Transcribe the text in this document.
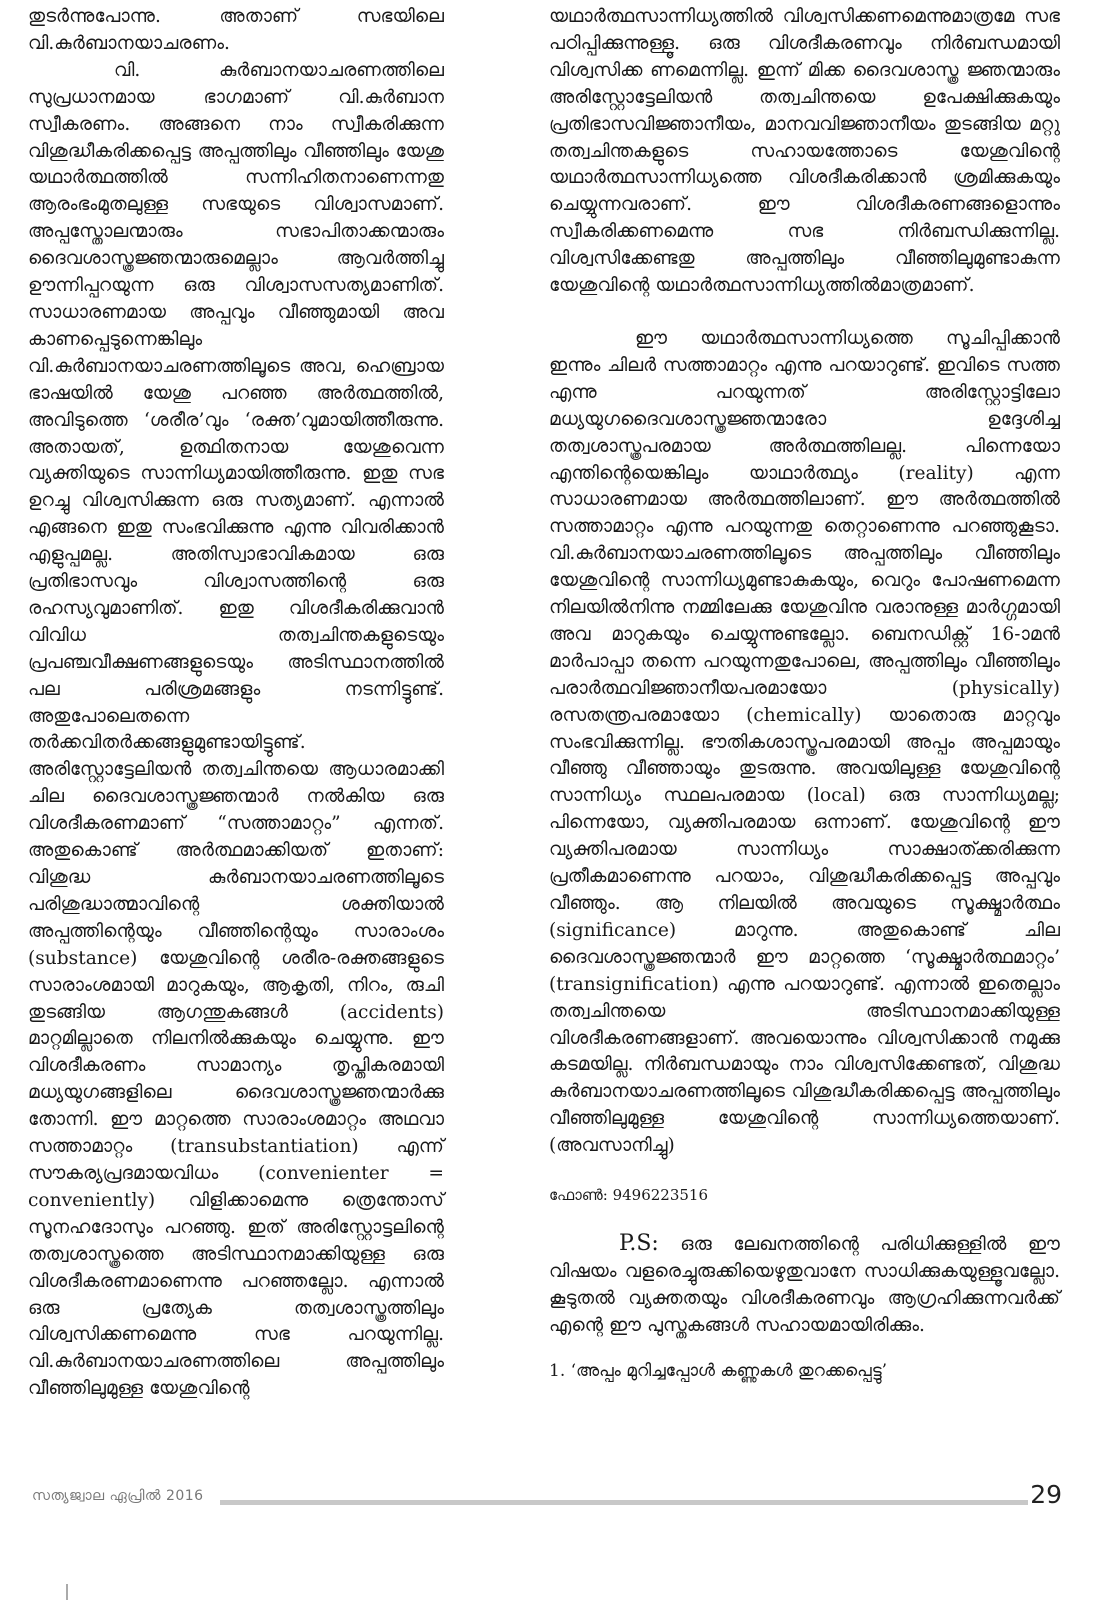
തുടർന്നുപോന്നു. അതാണ് സഭയിലെ വി.കുർബാനയാചരണം.

വി. കുർബാനയാചരണത്തിലെ സുപ്രധാനമായ ഭാഗമാണ് വി.കുർബാന സ്വീകരണം. അങ്ങനെ നാം സ്വീകരിക്കുന്ന വിശുദ്ധീകരിക്കപ്പെട്ട അപ്പത്തിലും വീഞ്ഞിലും യേശു യഥാർത്ഥത്തിൽ സന്നിഹിതനാണെന്നതു ആരംഭംമുതലുള്ള സഭയുടെ വിശ്വാസമാണ്. അപ്പസ്തോലന്മാരും സഭാപിതാക്കന്മാരും ദൈവശാസ്ത്രജ്ഞന്മാരുമെല്ലാം ആവർത്തിച്ചു ഊന്നിപ്പറയുന്ന ഒരു വിശ്വാസസത്യമാണിത്. സാധാരണമായ അപ്പവും വീഞ്ഞുമായി അവ കാണപ്പെടുന്നെങ്കിലും വി.കുർബാനയാചരണത്തിലൂടെ അവ, ഹെബ്രായ ഭാഷയിൽ യേശു പറഞ്ഞ അർത്ഥത്തിൽ, അവിടുത്തെ ‘ശരീര’വും ‘രക്ത’വുമായിത്തീരുന്നു. അതായത്, ഉത്ഥിതനായ യേശുവെന്ന വ്യക്തിയുടെ സാന്നിധ്യമായിത്തീരുന്നു. ഇതു സഭ ഉറച്ചു വിശ്വസിക്കുന്ന ഒരു സത്യമാണ്. എന്നാൽ എങ്ങനെ ഇതു സംഭവിക്കുന്നു എന്നു വിവരിക്കാൻ എളുപ്പമല്ല. അതിസ്വാഭാവികമായ ഒരു പ്രതിഭാസവും വിശ്വാസത്തിന്റെ ഒരു രഹസ്യവുമാണിത്. ഇതു വിശദീകരിക്കുവാൻ വിവിധ തത്വചിന്തകളുടെയും പ്രപഞ്ചവീക്ഷണങ്ങളുടെയും അടിസ്ഥാനത്തിൽ പല പരിശ്രമങ്ങളും നടന്നിട്ടുണ്ട്. അതുപോലെതന്നെ തർക്കവിതർക്കങ്ങളുമുണ്ടായിട്ടുണ്ട്. അരിസ്റ്റോട്ടേലിയൻ തത്വചിന്തയെ ആധാരമാക്കി ചില ദൈവശാസ്ത്രജ്ഞന്മാർ നൽകിയ ഒരു വിശദീകരണമാണ് “സത്താമാറ്റം” എന്നത്. അതുകൊണ്ട് അർത്ഥമാക്കിയത് ഇതാണ്: വിശുദ്ധ കുർബാനയാചരണത്തിലൂടെ പരിശുദ്ധാത്മാവിന്റെ ശക്തിയാൽ അപ്പത്തിന്റെയും വീഞ്ഞിന്റെയും സാരാംശം (substance) യേശുവിന്റെ ശരീര-രക്തങ്ങളുടെ സാരാംശമായി മാറുകയും, ആകൃതി, നിറം, രുചി തുടങ്ങിയ ആഗന്തുകങ്ങൾ (accidents) മാറ്റമില്ലാതെ നിലനിൽക്കുകയും ചെയ്യുന്നു. ഈ വിശദീകരണം സാമാന്യം തൃപ്തികരമായി മധ്യയുഗങ്ങളിലെ ദൈവശാസ്ത്രജ്ഞന്മാർക്കു തോന്നി. ഈ മാറ്റത്തെ സാരാംശമാറ്റം അഥവാ സത്താമാറ്റം (transubstantiation) എന്ന് സൗകര്യപ്രദമായവിധം (convenienter = conveniently) വിളിക്കാമെന്നു ത്രെന്തോസ് സൂനഹദോസും പറഞ്ഞു. ഇത് അരിസ്റ്റോട്ടലിന്റെ തത്വശാസ്ത്രത്തെ അടിസ്ഥാനമാക്കിയുള്ള ഒരു വിശദീകരണമാണെന്നു പറഞ്ഞല്ലോ. എന്നാൽ ഒരു പ്രത്യേക തത്വശാസ്ത്രത്തിലും വിശ്വസിക്കണമെന്നു സഭ പറയുന്നില്ല. വി.കുർബാനയാചരണത്തിലെ അപ്പത്തിലും വീഞ്ഞിലുമുള്ള യേശുവിന്റെ

യഥാർത്ഥസാന്നിധ്യത്തിൽ വിശ്വസിക്കണമെന്നുമാത്രമേ സഭ പഠിപ്പിക്കുന്നുള്ളൂ. ഒരു വിശദീകരണവും നിർബന്ധമായി വിശ്വസിക്ക ണമെന്നില്ല. ഇന്ന് മിക്ക ദൈവശാസ്ത്ര ജ്ഞന്മാരും അരിസ്റ്റോട്ടേലിയൻ തത്വചിന്തയെ ഉപേക്ഷിക്കുകയും പ്രതിഭാസവിജ്ഞാനീയം, മാനവവിജ്ഞാനീയം തുടങ്ങിയ മറ്റു തത്വചിന്തകളുടെ സഹായത്തോടെ യേശുവിന്റെ യഥാർത്ഥസാന്നിധ്യത്തെ വിശദീകരിക്കാൻ ശ്രമിക്കുകയും ചെയ്യുന്നവരാണ്. ഈ വിശദീകരണങ്ങളൊന്നും സ്വീകരിക്കണമെന്നു സഭ നിർബന്ധിക്കുന്നില്ല. വിശ്വസിക്കേണ്ടതു അപ്പത്തിലും വീഞ്ഞിലുമുണ്ടാകുന്ന യേശുവിന്റെ യഥാർത്ഥസാന്നിധ്യത്തിൽമാത്രമാണ്.

ഈ യഥാർത്ഥസാന്നിധ്യത്തെ സൂചിപ്പിക്കാൻ ഇന്നും ചിലർ സത്താമാറ്റം എന്നു പറയാറുണ്ട്. ഇവിടെ സത്ത എന്നു പറയുന്നത് അരിസ്റ്റോട്ടിലോ മധ്യയുഗദൈവശാസ്ത്രജ്ഞന്മാരോ ഉദ്ദേശിച്ച തത്വശാസ്ത്രപരമായ അർത്ഥത്തിലല്ല. പിന്നെയോ എന്തിന്റെയെങ്കിലും യാഥാർത്ഥ്യം (reality) എന്ന സാധാരണമായ അർത്ഥത്തിലാണ്. ഈ അർത്ഥത്തിൽ സത്താമാറ്റം എന്നു പറയുന്നതു തെറ്റാണെന്നു പറഞ്ഞുകൂടാ. വി.കുർബാനയാചരണത്തിലൂടെ അപ്പത്തിലും വീഞ്ഞിലും യേശുവിന്റെ സാന്നിധ്യമുണ്ടാകുകയും, വെറും പോഷണമെന്ന നിലയിൽനിന്നു നമ്മിലേക്കു യേശുവിനു വരാനുള്ള മാർഗ്ഗമായി അവ മാറുകയും ചെയ്യുന്നുണ്ടല്ലോ. ബെനഡിക്റ്റ് 16-ാമൻ മാർപാപ്പാ തന്നെ പറയുന്നതുപോലെ, അപ്പത്തിലും വീഞ്ഞിലും പരാർത്ഥവിജ്ഞാനീയപരമായോ (physically) രസതന്ത്രപരമായോ (chemically) യാതൊരു മാറ്റവും സംഭവിക്കുന്നില്ല. ഭൗതികശാസ്ത്രപരമായി അപ്പം അപ്പമായും വീഞ്ഞു വീഞ്ഞായും തുടരുന്നു. അവയിലുള്ള യേശുവിന്റെ സാന്നിധ്യം സ്ഥലപരമായ (local) ഒരു സാന്നിധ്യമല്ല; പിന്നെയോ, വ്യക്തിപരമായ ഒന്നാണ്. യേശുവിന്റെ ഈ വ്യക്തിപരമായ സാന്നിധ്യം സാക്ഷാത്ക്കരിക്കുന്ന പ്രതീകമാണെന്നു പറയാം, വിശുദ്ധീകരിക്കപ്പെട്ട അപ്പവും വീഞ്ഞും. ആ നിലയിൽ അവയുടെ സൂക്ഷ്മാർത്ഥം (significance) മാറുന്നു. അതുകൊണ്ട് ചില ദൈവശാസ്ത്രജ്ഞന്മാർ ഈ മാറ്റത്തെ ‘സൂക്ഷ്മാർത്ഥമാറ്റം’ (transignification) എന്നു പറയാറുണ്ട്. എന്നാൽ ഇതെല്ലാം തത്വചിന്തയെ അടിസ്ഥാനമാക്കിയുള്ള വിശദീകരണങ്ങളാണ്. അവയൊന്നും വിശ്വസിക്കാൻ നമുക്കു കടമയില്ല. നിർബന്ധമായും നാം വിശ്വസിക്കേണ്ടത്, വിശുദ്ധ കുർബാനയാചരണത്തിലൂടെ വിശുദ്ധീകരിക്കപ്പെട്ട അപ്പത്തിലും വീഞ്ഞിലുമുള്ള യേശുവിന്റെ സാന്നിധ്യത്തെയാണ്. (അവസാനിച്ചു)

ഫോൺ: 9496223516

P.S: ഒരു ലേഖനത്തിന്റെ പരിധിക്കുള്ളിൽ ഈ വിഷയം വളരെച്ചുരുക്കിയെഴുതുവാനേ സാധിക്കുകയുള്ളൂവല്ലോ. കൂടുതൽ വ്യക്തതയും വിശദീകരണവും ആഗ്രഹിക്കുന്നവർക്ക് എന്റെ ഈ പുസ്തകങ്ങൾ സഹായമായിരിക്കും.

1. ‘അപ്പം മുറിച്ചപ്പോൾ കണ്ണുകൾ തുറക്കപ്പെട്ടു’

സത്യജ്വാല ഏപ്രിൽ 2016	29
